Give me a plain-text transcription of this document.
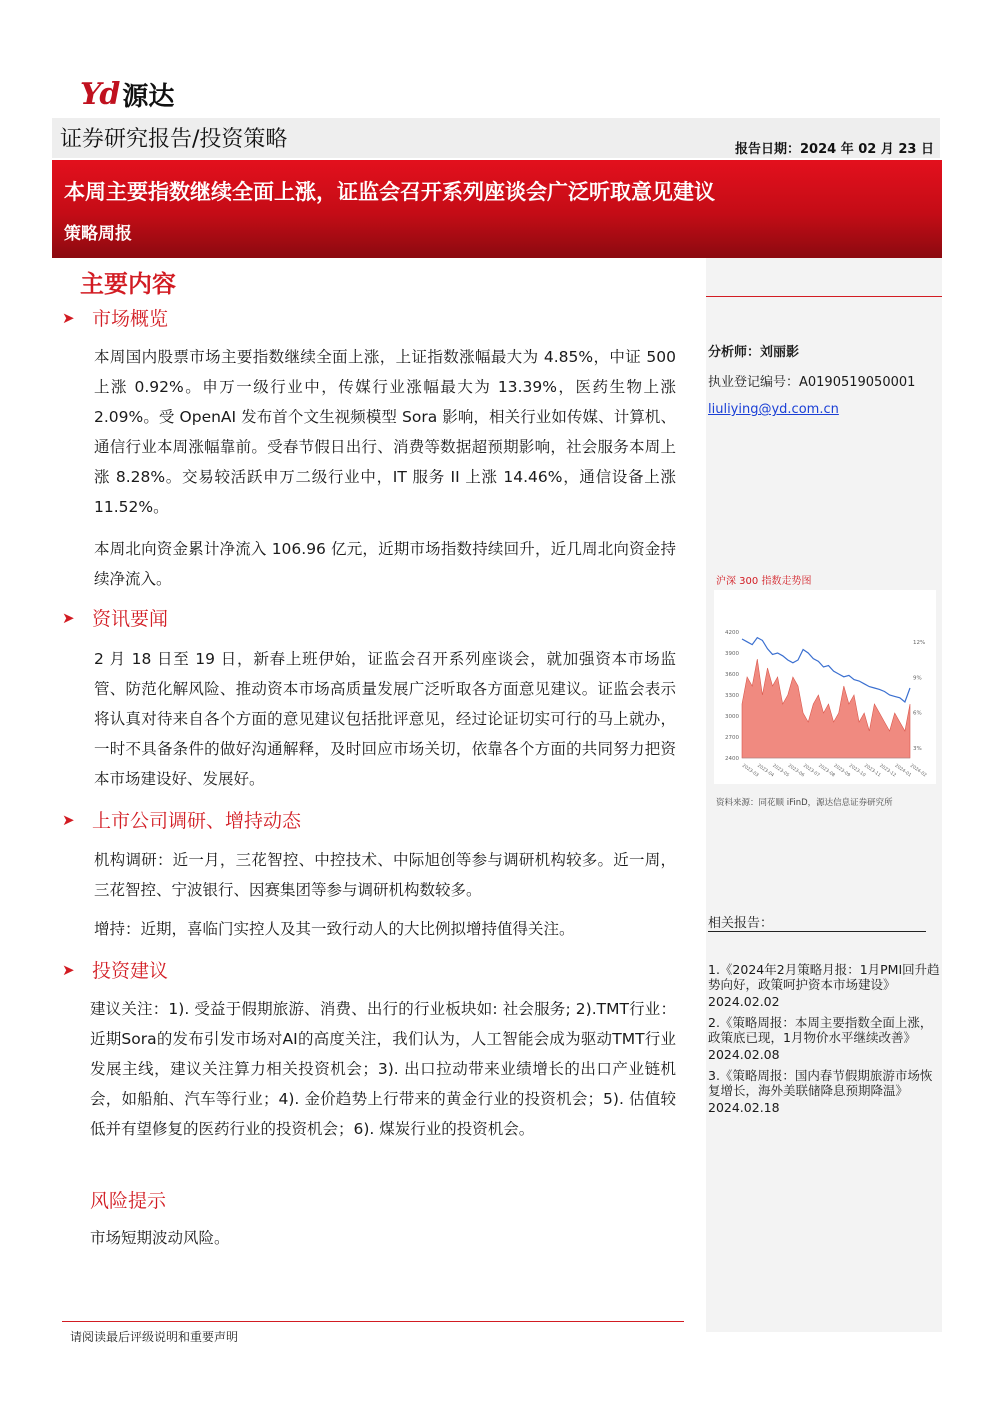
Yd 源达
证券研究报告/投资策略	报告日期：2024 年 02 月 23 日
本周主要指数继续全面上涨，证监会召开系列座谈会广泛听取意见建议
策略周报
分析师：刘丽影
执业登记编号：A0190519050001
liuliying@yd.com.cn
沪深 300 指数走势图
4200
3900
3600
3300
3000
2700
2400
12%
9%
6%
3%
2023-03
2023-04
2023-05
2023-06
2023-07
2023-08
2023-09
2023-10
2023-11
2023-12
2024-01
2024-02
资料来源：同花顺 iFinD，源达信息证券研究所
相关报告：
1.《2024年2月策略月报：1月PMI回升趋势向好，政策呵护资本市场建设》
2024.02.02
2.《策略周报：本周主要指数全面上涨，政策底已现，1月物价水平继续改善》
2024.02.08
3.《策略周报：国内春节假期旅游市场恢复增长，海外美联储降息预期降温》
2024.02.18
主要内容
➤ 市场概览
本周国内股票市场主要指数继续全面上涨，上证指数涨幅最大为 4.85%，中证 500 上涨 0.92%。申万一级行业中，传媒行业涨幅最大为 13.39%，医药生物上涨 2.09%。受 OpenAI 发布首个文生视频模型 Sora 影响，相关行业如传媒、计算机、通信行业本周涨幅靠前。受春节假日出行、消费等数据超预期影响，社会服务本周上涨 8.28%。交易较活跃申万二级行业中，IT 服务 II 上涨 14.46%，通信设备上涨 11.52%。
本周北向资金累计净流入 106.96 亿元，近期市场指数持续回升，近几周北向资金持续净流入。
➤ 资讯要闻
2 月 18 日至 19 日，新春上班伊始，证监会召开系列座谈会，就加强资本市场监管、防范化解风险、推动资本市场高质量发展广泛听取各方面意见建议。证监会表示将认真对待来自各个方面的意见建议包括批评意见，经过论证切实可行的马上就办，一时不具备条件的做好沟通解释，及时回应市场关切，依靠各个方面的共同努力把资本市场建设好、发展好。
➤ 上市公司调研、增持动态
机构调研：近一月，三花智控、中控技术、中际旭创等参与调研机构较多。近一周，三花智控、宁波银行、因赛集团等参与调研机构数较多。
增持：近期，喜临门实控人及其一致行动人的大比例拟增持值得关注。
➤ 投资建议
建议关注：1). 受益于假期旅游、消费、出行的行业板块如: 社会服务; 2).TMT行业：近期Sora的发布引发市场对AI的高度关注，我们认为，人工智能会成为驱动TMT行业发展主线，建议关注算力相关投资机会；3). 出口拉动带来业绩增长的出口产业链机会，如船舶、汽车等行业；4). 金价趋势上行带来的黄金行业的投资机会；5). 估值较低并有望修复的医药行业的投资机会；6). 煤炭行业的投资机会。
风险提示
市场短期波动风险。
请阅读最后评级说明和重要声明
